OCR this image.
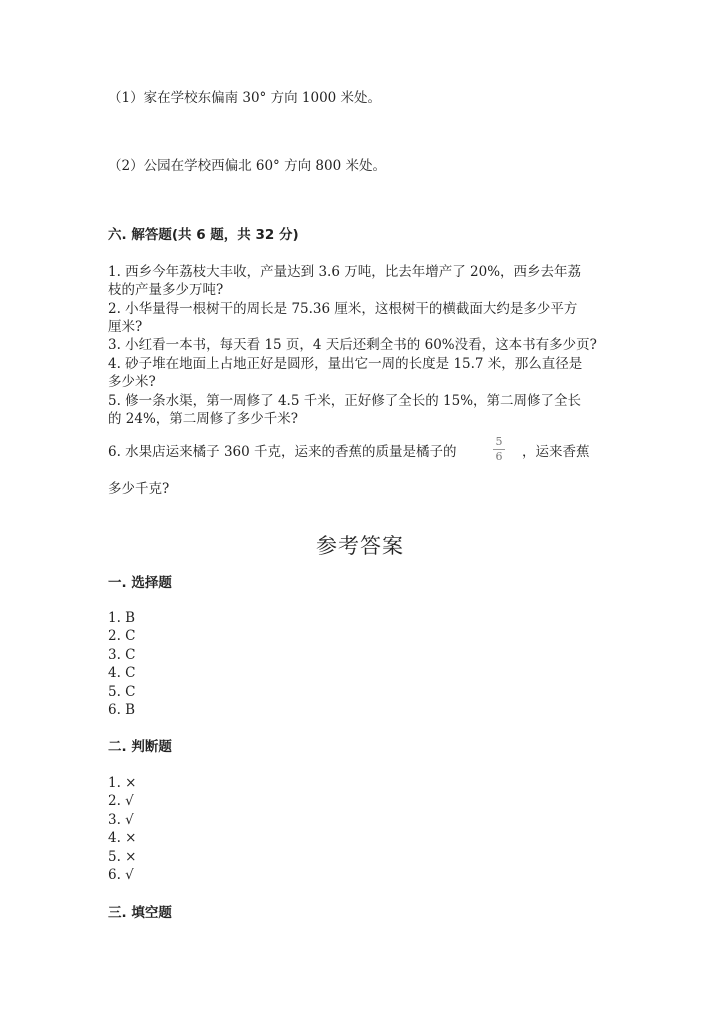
（1）家在学校东偏南 30° 方向 1000 米处。
（2）公园在学校西偏北 60° 方向 800 米处。
六. 解答题(共 6 题，共 32 分)
1. 西乡今年荔枝大丰收，产量达到 3.6 万吨，比去年增产了 20%，西乡去年荔
枝的产量多少万吨?
2. 小华量得一根树干的周长是 75.36 厘米，这根树干的横截面大约是多少平方
厘米?
3. 小红看一本书，每天看 15 页，4 天后还剩全书的 60%没看，这本书有多少页?
4. 砂子堆在地面上占地正好是圆形，量出它一周的长度是 15.7 米，那么直径是
多少米?
5. 修一条水渠，第一周修了 4.5 千米，正好修了全长的 15%，第二周修了全长
的 24%，第二周修了多少千米?
6. 水果店运来橘子 360 千克，运来的香蕉的质量是橘子的
5
6	，运来香蕉
多少千克?
参考答案
一. 选择题
1. B
2. C
3. C
4. C
5. C
6. B
二. 判断题
1. ×
2. √
3. √
4. ×
5. ×
6. √
三. 填空题
